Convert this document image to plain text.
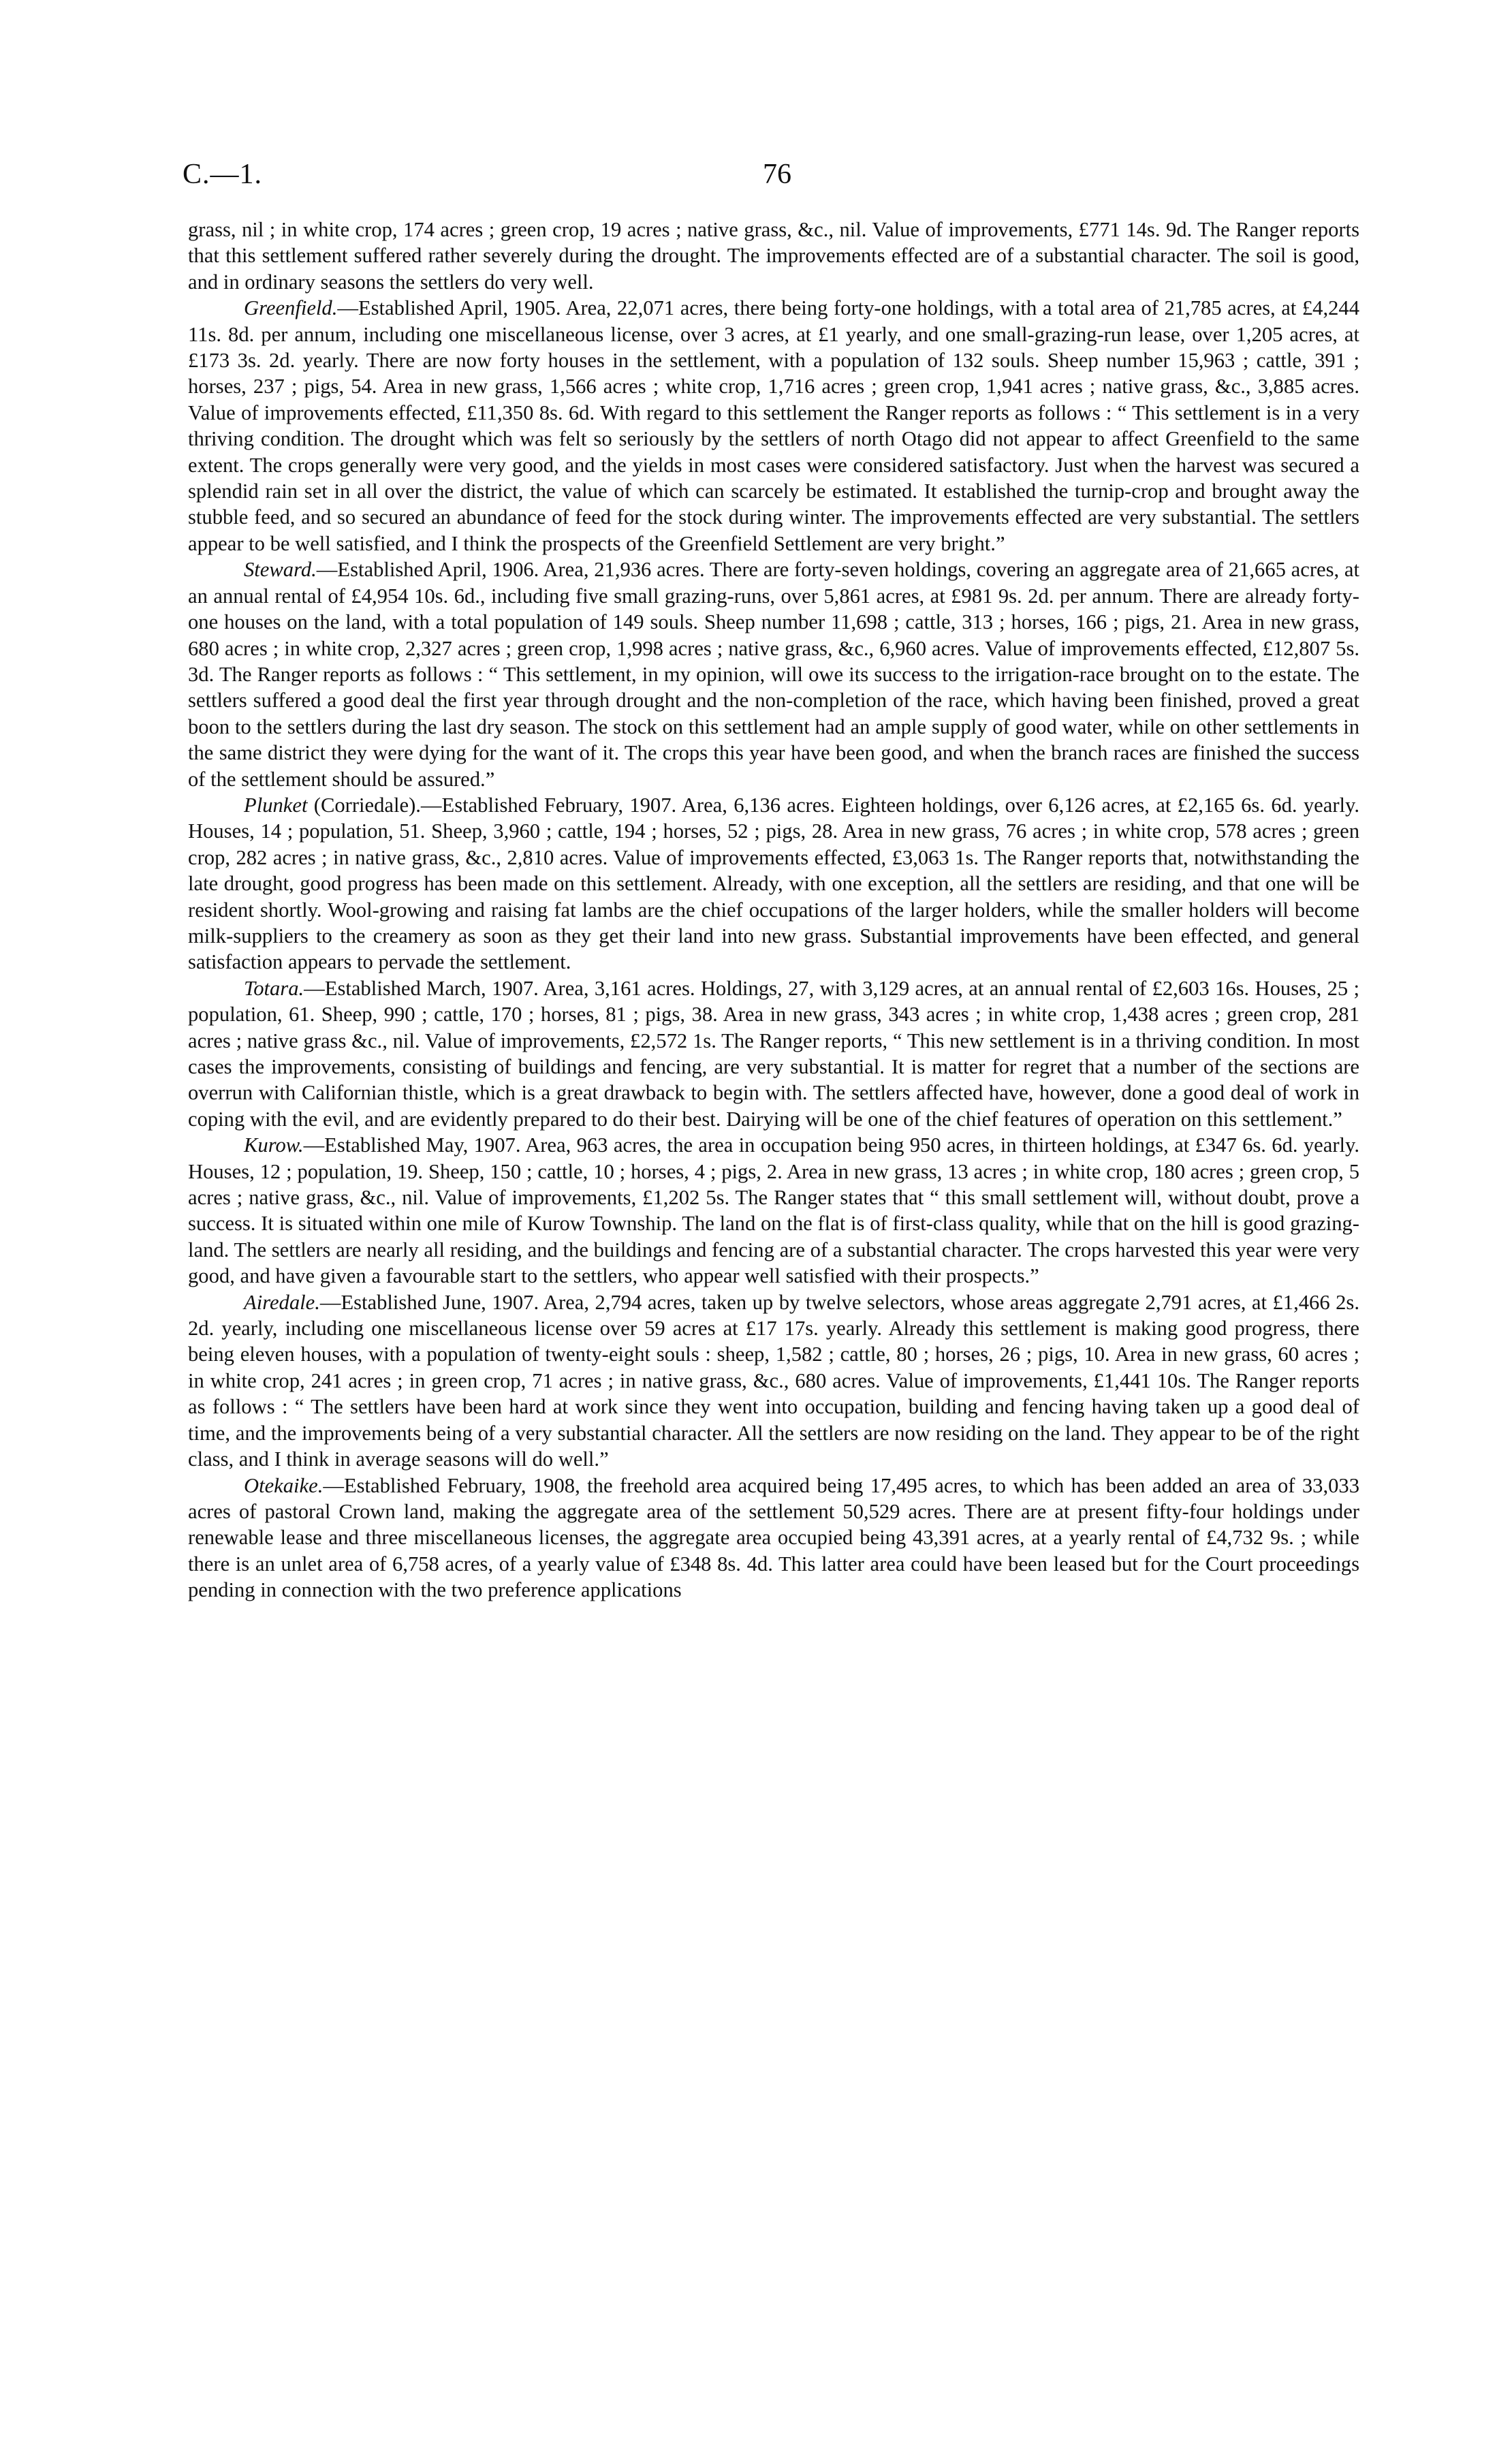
C.—1.	76

grass, nil ; in white crop, 174 acres ; green crop, 19 acres ; native grass, &c., nil. Value of improvements, £771 14s. 9d. The Ranger reports that this settlement suffered rather severely during the drought. The improvements effected are of a substantial character. The soil is good, and in ordinary seasons the settlers do very well.

Greenfield.—Established April, 1905. Area, 22,071 acres, there being forty-one holdings, with a total area of 21,785 acres, at £4,244 11s. 8d. per annum, including one miscellaneous license, over 3 acres, at £1 yearly, and one small-grazing-run lease, over 1,205 acres, at £173 3s. 2d. yearly. There are now forty houses in the settlement, with a population of 132 souls. Sheep number 15,963 ; cattle, 391 ; horses, 237 ; pigs, 54. Area in new grass, 1,566 acres ; white crop, 1,716 acres ; green crop, 1,941 acres ; native grass, &c., 3,885 acres. Value of improvements effected, £11,350 8s. 6d. With regard to this settlement the Ranger reports as follows : “ This settlement is in a very thriving condition. The drought which was felt so seriously by the settlers of north Otago did not appear to affect Greenfield to the same extent. The crops generally were very good, and the yields in most cases were considered satisfactory. Just when the harvest was secured a splendid rain set in all over the district, the value of which can scarcely be estimated. It established the turnip-crop and brought away the stubble feed, and so secured an abundance of feed for the stock during winter. The improvements effected are very substantial. The settlers appear to be well satisfied, and I think the prospects of the Greenfield Settlement are very bright.”

Steward.—Established April, 1906. Area, 21,936 acres. There are forty-seven holdings, covering an aggregate area of 21,665 acres, at an annual rental of £4,954 10s. 6d., including five small grazing-runs, over 5,861 acres, at £981 9s. 2d. per annum. There are already forty-one houses on the land, with a total population of 149 souls. Sheep number 11,698 ; cattle, 313 ; horses, 166 ; pigs, 21. Area in new grass, 680 acres ; in white crop, 2,327 acres ; green crop, 1,998 acres ; native grass, &c., 6,960 acres. Value of improvements effected, £12,807 5s. 3d. The Ranger reports as follows : “ This settlement, in my opinion, will owe its success to the irrigation-race brought on to the estate. The settlers suffered a good deal the first year through drought and the non-completion of the race, which having been finished, proved a great boon to the settlers during the last dry season. The stock on this settlement had an ample supply of good water, while on other settlements in the same district they were dying for the want of it. The crops this year have been good, and when the branch races are finished the success of the settlement should be assured.”

Plunket (Corriedale).—Established February, 1907. Area, 6,136 acres. Eighteen holdings, over 6,126 acres, at £2,165 6s. 6d. yearly. Houses, 14 ; population, 51. Sheep, 3,960 ; cattle, 194 ; horses, 52 ; pigs, 28. Area in new grass, 76 acres ; in white crop, 578 acres ; green crop, 282 acres ; in native grass, &c., 2,810 acres. Value of improvements effected, £3,063 1s. The Ranger reports that, notwithstanding the late drought, good progress has been made on this settlement. Already, with one exception, all the settlers are residing, and that one will be resident shortly. Wool-growing and raising fat lambs are the chief occupations of the larger holders, while the smaller holders will become milk-suppliers to the creamery as soon as they get their land into new grass. Substantial improvements have been effected, and general satisfaction appears to pervade the settlement.

Totara.—Established March, 1907. Area, 3,161 acres. Holdings, 27, with 3,129 acres, at an annual rental of £2,603 16s. Houses, 25 ; population, 61. Sheep, 990 ; cattle, 170 ; horses, 81 ; pigs, 38. Area in new grass, 343 acres ; in white crop, 1,438 acres ; green crop, 281 acres ; native grass &c., nil. Value of improvements, £2,572 1s. The Ranger reports, “ This new settlement is in a thriving condition. In most cases the improvements, consisting of buildings and fencing, are very substantial. It is matter for regret that a number of the sections are overrun with Californian thistle, which is a great drawback to begin with. The settlers affected have, however, done a good deal of work in coping with the evil, and are evidently prepared to do their best. Dairying will be one of the chief features of operation on this settlement.”

Kurow.—Established May, 1907. Area, 963 acres, the area in occupation being 950 acres, in thirteen holdings, at £347 6s. 6d. yearly. Houses, 12 ; population, 19. Sheep, 150 ; cattle, 10 ; horses, 4 ; pigs, 2. Area in new grass, 13 acres ; in white crop, 180 acres ; green crop, 5 acres ; native grass, &c., nil. Value of improvements, £1,202 5s. The Ranger states that “ this small settlement will, without doubt, prove a success. It is situated within one mile of Kurow Township. The land on the flat is of first-class quality, while that on the hill is good grazing-land. The settlers are nearly all residing, and the buildings and fencing are of a substantial character. The crops harvested this year were very good, and have given a favourable start to the settlers, who appear well satisfied with their prospects.”

Airedale.—Established June, 1907. Area, 2,794 acres, taken up by twelve selectors, whose areas aggregate 2,791 acres, at £1,466 2s. 2d. yearly, including one miscellaneous license over 59 acres at £17 17s. yearly. Already this settlement is making good progress, there being eleven houses, with a population of twenty-eight souls : sheep, 1,582 ; cattle, 80 ; horses, 26 ; pigs, 10. Area in new grass, 60 acres ; in white crop, 241 acres ; in green crop, 71 acres ; in native grass, &c., 680 acres. Value of improvements, £1,441 10s. The Ranger reports as follows : “ The settlers have been hard at work since they went into occupation, building and fencing having taken up a good deal of time, and the improvements being of a very substantial character. All the settlers are now residing on the land. They appear to be of the right class, and I think in average seasons will do well.”

Otekaike.—Established February, 1908, the freehold area acquired being 17,495 acres, to which has been added an area of 33,033 acres of pastoral Crown land, making the aggregate area of the settlement 50,529 acres. There are at present fifty-four holdings under renewable lease and three miscellaneous licenses, the aggregate area occupied being 43,391 acres, at a yearly rental of £4,732 9s. ; while there is an unlet area of 6,758 acres, of a yearly value of £348 8s. 4d. This latter area could have been leased but for the Court proceedings pending in connection with the two preference applications
